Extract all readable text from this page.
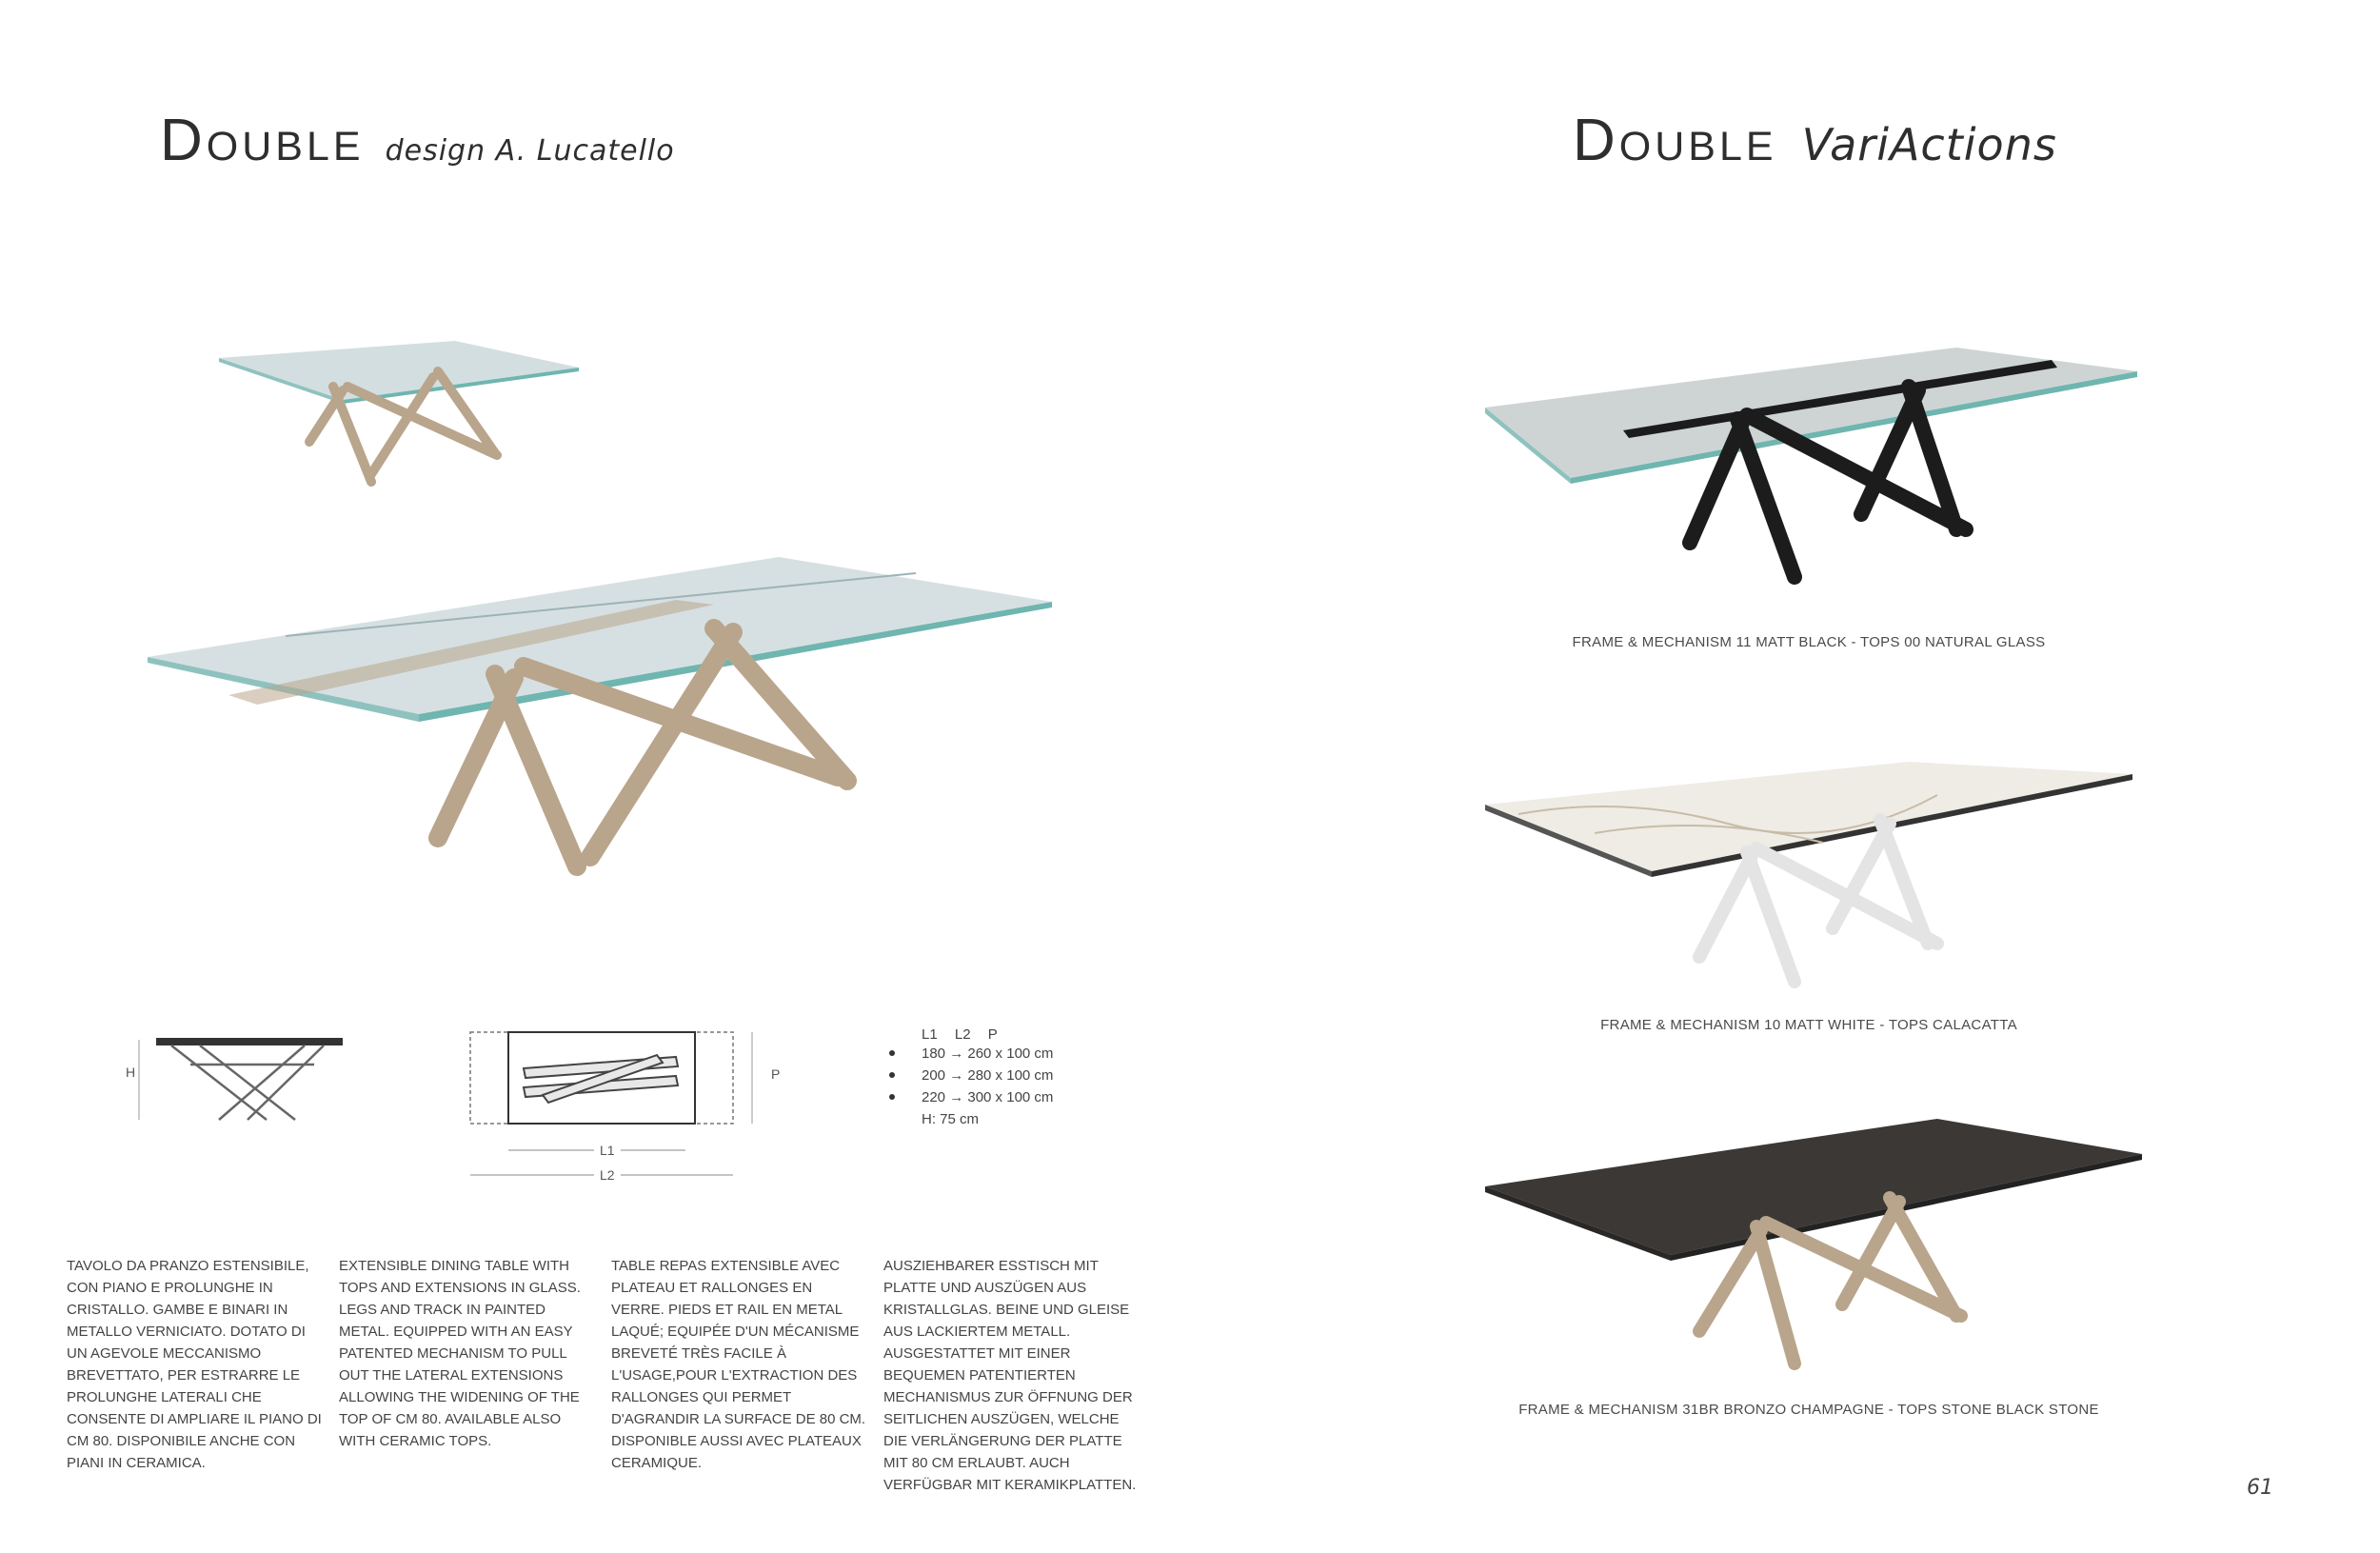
Double design A. Lucatello	Double VariActions
H	P
L1
L2
L1 L2 P
180 → 260 x 100 cm
200 → 280 x 100 cm
220 → 300 x 100 cm
H: 75 cm
TAVOLO DA PRANZO ESTENSIBILE, CON PIANO E PROLUNGHE IN CRISTALLO. GAMBE E BINARI IN METALLO VERNICIATO. DOTATO DI UN AGEVOLE MECCANISMO BREVETTATO, PER ESTRARRE LE PROLUNGHE LATERALI CHE CONSENTE DI AMPLIARE IL PIANO DI CM 80. DISPONIBILE ANCHE CON PIANI IN CERAMICA.
EXTENSIBLE DINING TABLE WITH TOPS AND EXTENSIONS IN GLASS. LEGS AND TRACK IN PAINTED METAL. EQUIPPED WITH AN EASY PATENTED MECHANISM TO PULL OUT THE LATERAL EXTENSIONS ALLOWING THE WIDENING OF THE TOP OF CM 80. AVAILABLE ALSO WITH CERAMIC TOPS.
TABLE REPAS EXTENSIBLE AVEC PLATEAU ET RALLONGES EN VERRE. PIEDS ET RAIL EN METAL LAQUÉ; EQUIPÉE D'UN MÉCANISME BREVETÉ TRÈS FACILE À L'USAGE,POUR L'EXTRACTION DES RALLONGES QUI PERMET D'AGRANDIR LA SURFACE DE 80 CM. DISPONIBLE AUSSI AVEC PLATEAUX CERAMIQUE.
AUSZIEHBARER ESSTISCH MIT PLATTE UND AUSZÜGEN AUS KRISTALLGLAS. BEINE UND GLEISE AUS LACKIERTEM METALL. AUSGESTATTET MIT EINER BEQUEMEN PATENTIERTEN MECHANISMUS ZUR ÖFFNUNG DER SEITLICHEN AUSZÜGEN, WELCHE DIE VERLÄNGERUNG DER PLATTE MIT 80 CM ERLAUBT. AUCH VERFÜGBAR MIT KERAMIKPLATTEN.
FRAME & MECHANISM 11 MATT BLACK - TOPS 00 NATURAL GLASS
FRAME & MECHANISM 10 MATT WHITE - TOPS CALACATTA
FRAME & MECHANISM 31BR BRONZO CHAMPAGNE - TOPS STONE BLACK STONE
61
